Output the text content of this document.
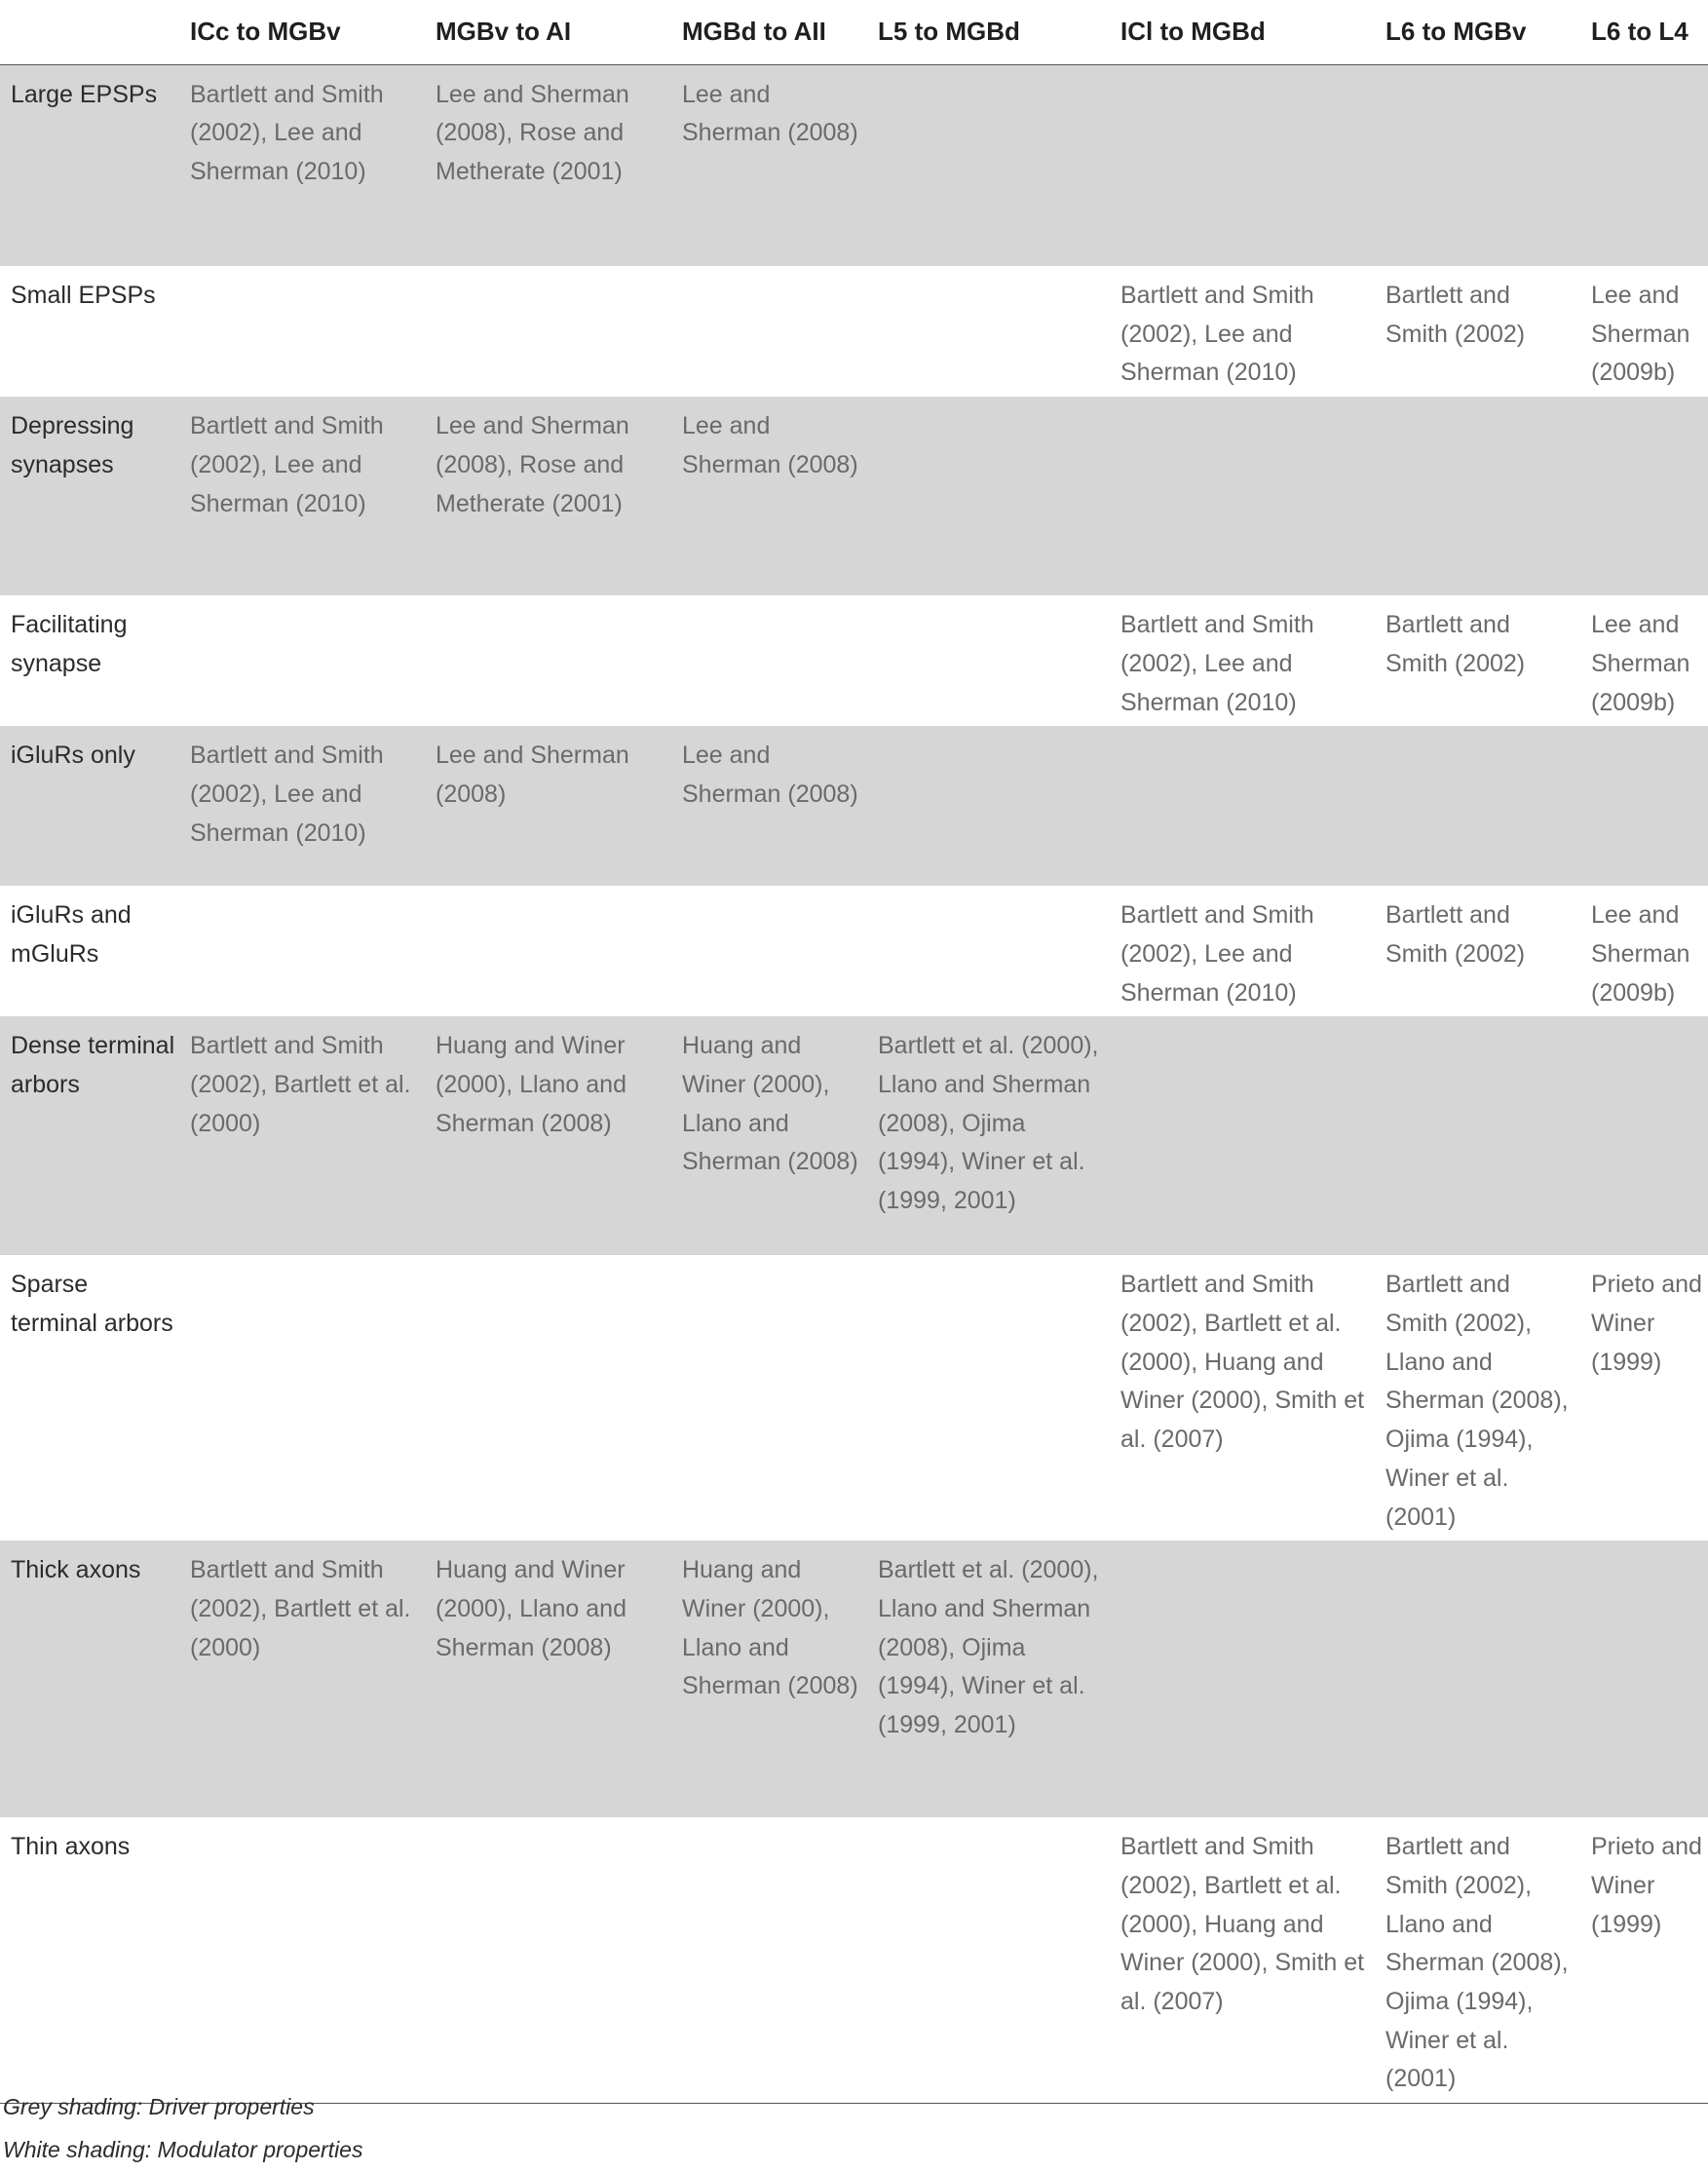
	ICc to MGBv	MGBv to AI	MGBd to AII	L5 to MGBd	ICl to MGBd	L6 to MGBv	L6 to L4
Large EPSPs	Bartlett and Smith (2002), Lee and Sherman (2010)	Lee and Sherman (2008), Rose and Metherate (2001)	Lee and Sherman (2008)				
Small EPSPs					Bartlett and Smith (2002), Lee and Sherman (2010)	Bartlett and Smith (2002)	Lee and Sherman (2009b)
Depressing synapses	Bartlett and Smith (2002), Lee and Sherman (2010)	Lee and Sherman (2008), Rose and Metherate (2001)	Lee and Sherman (2008)				
Facilitating synapse					Bartlett and Smith (2002), Lee and Sherman (2010)	Bartlett and Smith (2002)	Lee and Sherman (2009b)
iGluRs only	Bartlett and Smith (2002), Lee and Sherman (2010)	Lee and Sherman (2008)	Lee and Sherman (2008)				
iGluRs and mGluRs					Bartlett and Smith (2002), Lee and Sherman (2010)	Bartlett and Smith (2002)	Lee and Sherman (2009b)
Dense terminal arbors	Bartlett and Smith (2002), Bartlett et al. (2000)	Huang and Winer (2000), Llano and Sherman (2008)	Huang and Winer (2000), Llano and Sherman (2008)	Bartlett et al. (2000), Llano and Sherman (2008), Ojima (1994), Winer et al. (1999, 2001)			
Sparse terminal arbors					Bartlett and Smith (2002), Bartlett et al. (2000), Huang and Winer (2000), Smith et al. (2007)	Bartlett and Smith (2002), Llano and Sherman (2008), Ojima (1994), Winer et al. (2001)	Prieto and Winer (1999)
Thick axons	Bartlett and Smith (2002), Bartlett et al. (2000)	Huang and Winer (2000), Llano and Sherman (2008)	Huang and Winer (2000), Llano and Sherman (2008)	Bartlett et al. (2000), Llano and Sherman (2008), Ojima (1994), Winer et al. (1999, 2001)			
Thin axons					Bartlett and Smith (2002), Bartlett et al. (2000), Huang and Winer (2000), Smith et al. (2007)	Bartlett and Smith (2002), Llano and Sherman (2008), Ojima (1994), Winer et al. (2001)	Prieto and Winer (1999)
Grey shading: Driver properties
White shading: Modulator properties
